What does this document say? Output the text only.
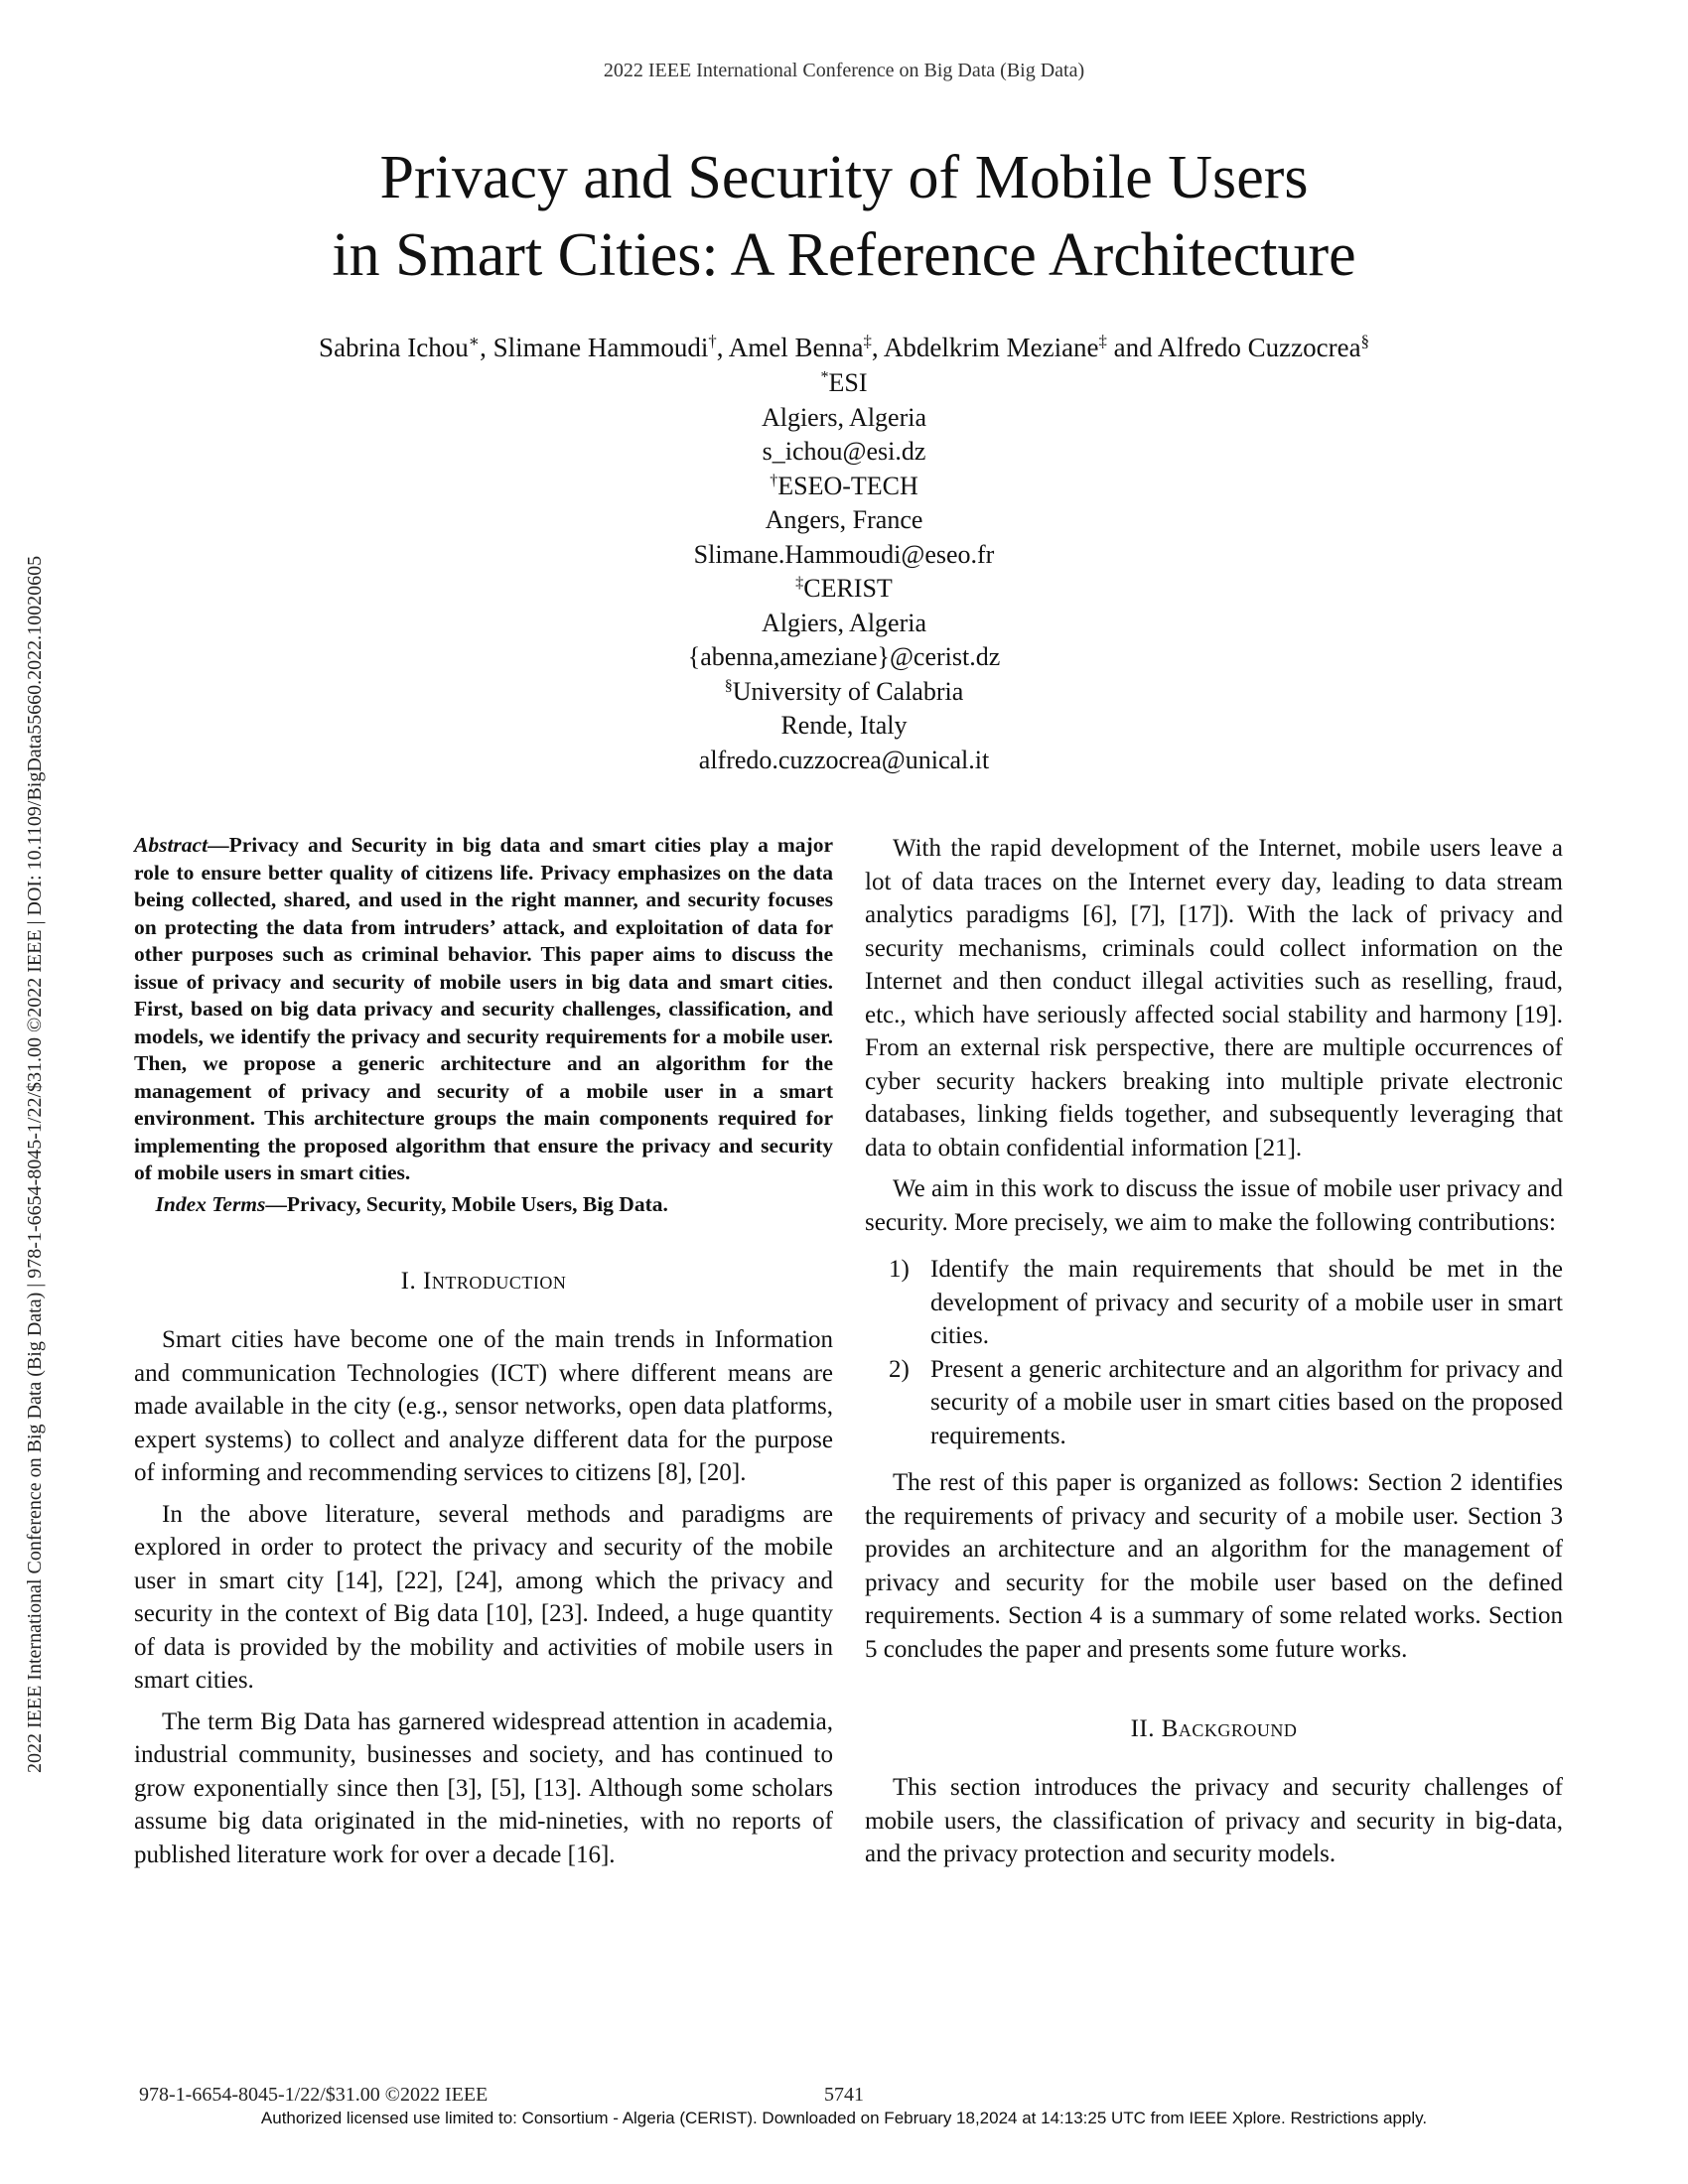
2022 IEEE International Conference on Big Data (Big Data)
Privacy and Security of Mobile Users
in Smart Cities: A Reference Architecture
Sabrina Ichou∗, Slimane Hammoudi†, Amel Benna‡, Abdelkrim Meziane‡ and Alfredo Cuzzocrea§
*ESI
Algiers, Algeria
s_ichou@esi.dz
†ESEO-TECH
Angers, France
Slimane.Hammoudi@eseo.fr
‡CERIST
Algiers, Algeria
{abenna,ameziane}@cerist.dz
§University of Calabria
Rende, Italy
alfredo.cuzzocrea@unical.it
2022 IEEE International Conference on Big Data (Big Data) | 978-1-6654-8045-1/22/$31.00 ©2022 IEEE | DOI: 10.1109/BigData55660.2022.10020605	Abstract—Privacy and Security in big data and smart cities play a major role to ensure better quality of citizens life. Privacy emphasizes on the data being collected, shared, and used in the right manner, and security focuses on protecting the data from intruders’ attack, and exploitation of data for other purposes such as criminal behavior. This paper aims to discuss the issue of privacy and security of mobile users in big data and smart cities. First, based on big data privacy and security challenges, classification, and models, we identify the privacy and security requirements for a mobile user. Then, we propose a generic architecture and an algorithm for the management of privacy and security of a mobile user in a smart environment. This architecture groups the main components required for implementing the proposed algorithm that ensure the privacy and security of mobile users in smart cities.

Index Terms—Privacy, Security, Mobile Users, Big Data.

I. Introduction

Smart cities have become one of the main trends in Information and communication Technologies (ICT) where different means are made available in the city (e.g., sensor networks, open data platforms, expert systems) to collect and analyze different data for the purpose of informing and recommending services to citizens [8], [20].

In the above literature, several methods and paradigms are explored in order to protect the privacy and security of the mobile user in smart city [14], [22], [24], among which the privacy and security in the context of Big data [10], [23]. Indeed, a huge quantity of data is provided by the mobility and activities of mobile users in smart cities.

The term Big Data has garnered widespread attention in academia, industrial community, businesses and society, and has continued to grow exponentially since then [3], [5], [13]. Although some scholars assume big data originated in the mid-nineties, with no reports of published literature work for over a decade [16].

With the rapid development of the Internet, mobile users leave a lot of data traces on the Internet every day, leading to data stream analytics paradigms [6], [7], [17]). With the lack of privacy and security mechanisms, criminals could collect information on the Internet and then conduct illegal activities such as reselling, fraud, etc., which have seriously affected social stability and harmony [19]. From an external risk perspective, there are multiple occurrences of cyber security hackers breaking into multiple private electronic databases, linking fields together, and subsequently leveraging that data to obtain confidential information [21].

We aim in this work to discuss the issue of mobile user privacy and security. More precisely, we aim to make the following contributions:

1) Identify the main requirements that should be met in the development of privacy and security of a mobile user in smart cities.
2) Present a generic architecture and an algorithm for privacy and security of a mobile user in smart cities based on the proposed requirements.

The rest of this paper is organized as follows: Section 2 identifies the requirements of privacy and security of a mobile user. Section 3 provides an architecture and an algorithm for the management of privacy and security for the mobile user based on the defined requirements. Section 4 is a summary of some related works. Section 5 concludes the paper and presents some future works.

II. Background

This section introduces the privacy and security challenges of mobile users, the classification of privacy and security in big-data, and the privacy protection and security models.

978-1-6654-8045-1/22/$31.00 ©2022 IEEE	5741
Authorized licensed use limited to: Consortium - Algeria (CERIST). Downloaded on February 18,2024 at 14:13:25 UTC from IEEE Xplore. Restrictions apply.
